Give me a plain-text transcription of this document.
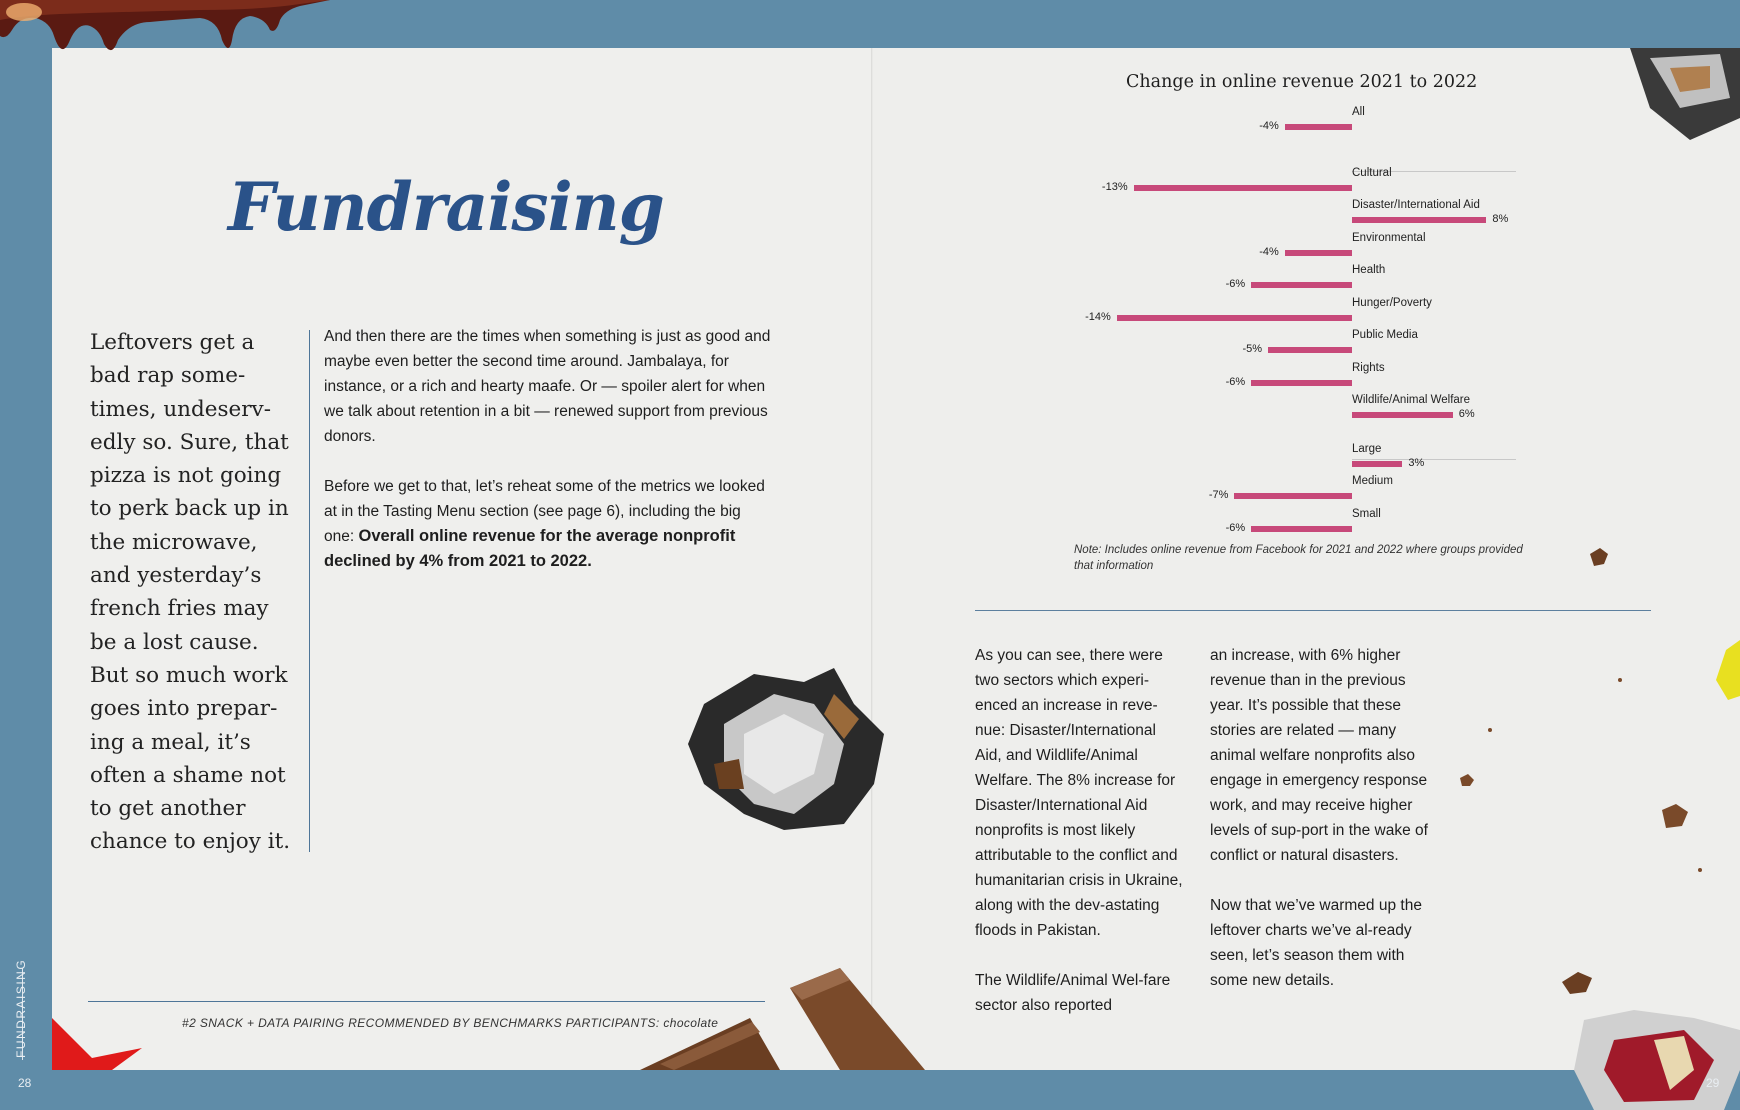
Fundraising
Leftovers get a bad rap some-times, undeserv-edly so. Sure, that pizza is not going to perk back up in the microwave, and yesterday’s french fries may be a lost cause. But so much work goes into prepar-ing a meal, it’s often a shame not to get another chance to enjoy it.

And then there are the times when something is just as good and maybe even better the second time around. Jambalaya, for instance, or a rich and hearty maafe. Or — spoiler alert for when we talk about retention in a bit — renewed support from previous donors.

Before we get to that, let’s reheat some of the metrics we looked at in the Tasting Menu section (see page 6), including the big one: Overall online revenue for the average nonprofit declined by 4% from 2021 to 2022.

#2 SNACK + DATA PAIRING RECOMMENDED BY BENCHMARKS PARTICIPANTS: chocolate
FUNDRAISING
28
Change in online revenue 2021 to 2022
Note: Includes online revenue from Facebook for 2021 and 2022 where groups provided that information

As you can see, there were two sectors which experi-enced an increase in reve-nue: Disaster/International Aid, and Wildlife/Animal Welfare. The 8% increase for Disaster/International Aid nonprofits is most likely attributable to the conflict and humanitarian crisis in Ukraine, along with the dev-astating floods in Pakistan.

The Wildlife/Animal Wel-fare sector also reported

an increase, with 6% higher revenue than in the previous year. It’s possible that these stories are related — many animal welfare nonprofits also engage in emergency response work, and may receive higher levels of sup-port in the wake of conflict or natural disasters.

Now that we’ve warmed up the leftover charts we’ve al-ready seen, let’s season them with some new details.

29
All
-4%
Cultural
-13%
Disaster/International Aid
8%
Environmental
-4%
Health
-6%
Hunger/Poverty
-14%
Public Media
-5%
Rights
-6%
Wildlife/Animal Welfare
6%
Large
3%
Medium
-7%
Small
-6%
